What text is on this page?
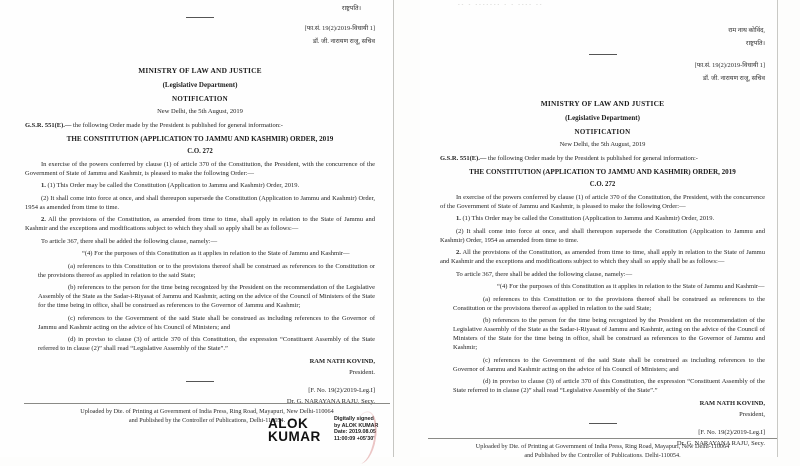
राष्ट्रपति।
[फा.सं. 19(2)/2019-विधायी 1]
डॉ. जी. नारायण राजू, सचिव
MINISTRY OF LAW AND JUSTICE
(Legislative Department)
NOTIFICATION
New Delhi, the 5th August, 2019

G.S.R. 551(E).— the following Order made by the President is published for general information:-

THE CONSTITUTION (APPLICATION TO JAMMU AND KASHMIR) ORDER, 2019
C.O. 272

In exercise of the powers conferred by clause (1) of article 370 of the Constitution, the President, with the concurrence of the Government of State of Jammu and Kashmir, is pleased to make the following Order:—

1. (1) This Order may be called the Constitution (Application to Jammu and Kashmir) Order, 2019.

(2) It shall come into force at once, and shall thereupon supersede the Constitution (Application to Jammu and Kashmir) Order, 1954 as amended from time to time.

2. All the provisions of the Constitution, as amended from time to time, shall apply in relation to the State of Jammu and Kashmir and the exceptions and modifications subject to which they shall so apply shall be as follows:—

To article 367, there shall be added the following clause, namely:—

“(4) For the purposes of this Constitution as it applies in relation to the State of Jammu and Kashmir—

(a) references to this Constitution or to the provisions thereof shall be construed as references to the Constitution or the provisions thereof as applied in relation to the said State;

(b) references to the person for the time being recognized by the President on the recommendation of the Legislative Assembly of the State as the Sadar-i-Riyasat of Jammu and Kashmir, acting on the advice of the Council of Ministers of the State for the time being in office, shall be construed as references to the Governor of Jammu and Kashmir;

(c) references to the Government of the said State shall be construed as including references to the Governor of Jammu and Kashmir acting on the advice of his Council of Ministers; and

(d) in proviso to clause (3) of article 370 of this Constitution, the expression “Constituent Assembly of the State referred to in clause (2)” shall read “Legislative Assembly of the State”.”

RAM NATH KOVIND,
President.
[F. No. 19(2)/2019-Leg.I]
Dr. G. NARAYANA RAJU, Secy.
Uploaded by Dte. of Printing at Government of India Press, Ring Road, Mayapuri, New Delhi-110064
and Published by the Controller of Publications, Delhi-110054.
-- - ------- - - ---- --
राम नाथ कोविंद,
राष्ट्रपति।
[फा.सं. 19(2)/2019-विधायी 1]
डॉ. जी. नारायण राजू, सचिव
MINISTRY OF LAW AND JUSTICE
(Legislative Department)
NOTIFICATION
New Delhi, the 5th August, 2019

G.S.R. 551(E).— the following Order made by the President is published for general information:-

THE CONSTITUTION (APPLICATION TO JAMMU AND KASHMIR) ORDER, 2019
C.O. 272

In exercise of the powers conferred by clause (1) of article 370 of the Constitution, the President, with the concurrence of the Government of State of Jammu and Kashmir, is pleased to make the following Order:—

1. (1) This Order may be called the Constitution (Application to Jammu and Kashmir) Order, 2019.

(2) It shall come into force at once, and shall thereupon supersede the Constitution (Application to Jammu and Kashmir) Order, 1954 as amended from time to time.

2. All the provisions of the Constitution, as amended from time to time, shall apply in relation to the State of Jammu and Kashmir and the exceptions and modifications subject to which they shall so apply shall be as follows:—

To article 367, there shall be added the following clause, namely:—

“(4) For the purposes of this Constitution as it applies in relation to the State of Jammu and Kashmir—

(a) references to this Constitution or to the provisions thereof shall be construed as references to the Constitution or the provisions thereof as applied in relation to the said State;

(b) references to the person for the time being recognized by the President on the recommendation of the Legislative Assembly of the State as the Sadar-i-Riyasat of Jammu and Kashmir, acting on the advice of the Council of Ministers of the State for the time being in office, shall be construed as references to the Governor of Jammu and Kashmir;

(c) references to the Government of the said State shall be construed as including references to the Governor of Jammu and Kashmir acting on the advice of his Council of Ministers; and

(d) in proviso to clause (3) of article 370 of this Constitution, the expression “Constituent Assembly of the State referred to in clause (2)” shall read “Legislative Assembly of the State”.”

RAM NATH KOVIND,
President,
[F. No. 19(2)/2019-Leg.I]
Dr. G. NARAYANA RAJU, Secy.
Uploaded by Dte. of Printing at Government of India Press, Ring Road, Mayapuri, New Delhi-110064
and Published by the Controller of Publications, Delhi-110054.
ALOK
KUMAR
Digitally signed
by ALOK KUMAR
Date: 2019.08.05
11:00:09 +05'30'
